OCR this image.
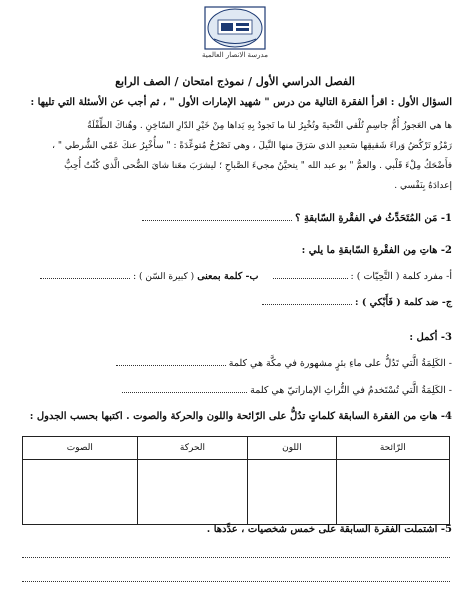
مدرسة الانصار العالمية
الفصل الدراسي الأول / نموذج امتحان / الصف الرابع
السؤال الأول : اقرأ الفقرة التالية من درس " شهيد الإمارات الأول " ، ثم أجب عن الأسئلة التي تليها :
ها هي العَجوزُ أُمُّ جاسِمٍ تُلْقي التَّحيةَ وتُخْبِرُ لنا ما تَجودُ بِهِ يَداها مِنْ خَيْرِ الدّارِ السّاخِنِ . وهُناكَ الطِّفْلَةُ
رَمْزُو تَرْكُضُ وَراءَ شَقيقِها سَعيدِ الذي سَرَقَ منها النَّيلَ ، وهي تَصْرُخُ مُتوعِّدَةً : " سأُخْبِرُ عنكَ عَمّي الشُّرطي " ،
فأَضْحَكُ مِلْءَ قَلْبي . والعمُّ " بو عبد الله " يتحيَّنُ مجيءَ الصَّباحِ ؛ ليشرَبَ معَنا شايَ الضُّحى الَّذي كُنْتُ أُحِبُّ
إعدادَهُ بِنَفْسي .
1- مَن المُتَحَدِّثُ في الفقْرةِ السّابقةِ ؟
2- هاتِ مِن الفقْرةِ السّابقةِ ما يلي :
أ- مفرد كلمة ( التَّحِيّات ) :   ب- كلمة بمعنى ( كبيرة السّن ) :
ج- ضد كلمة ( فَأَبْكي ) :
3- أكمل :
- الكَلِمَةُ الَّتي تَدُلُّ على ماءِ بئرٍ مشهورة في مكَّة هي كلمة
- الكَلِمَةُ الَّتي تُسْتَخدمُ في التُّراثِ الإماراتيّ هي كلمة
4- هاتِ من الفقرة السابقة كلماتٍ تدُلُّ على الرّائحة واللون والحركة والصوت . اكتبها بحسب الجدول :
الرّائحة	اللون	الحركة	الصوت

5- اشتملت الفقرة السابقة على خمس شخصيات ، عدِّدها .
